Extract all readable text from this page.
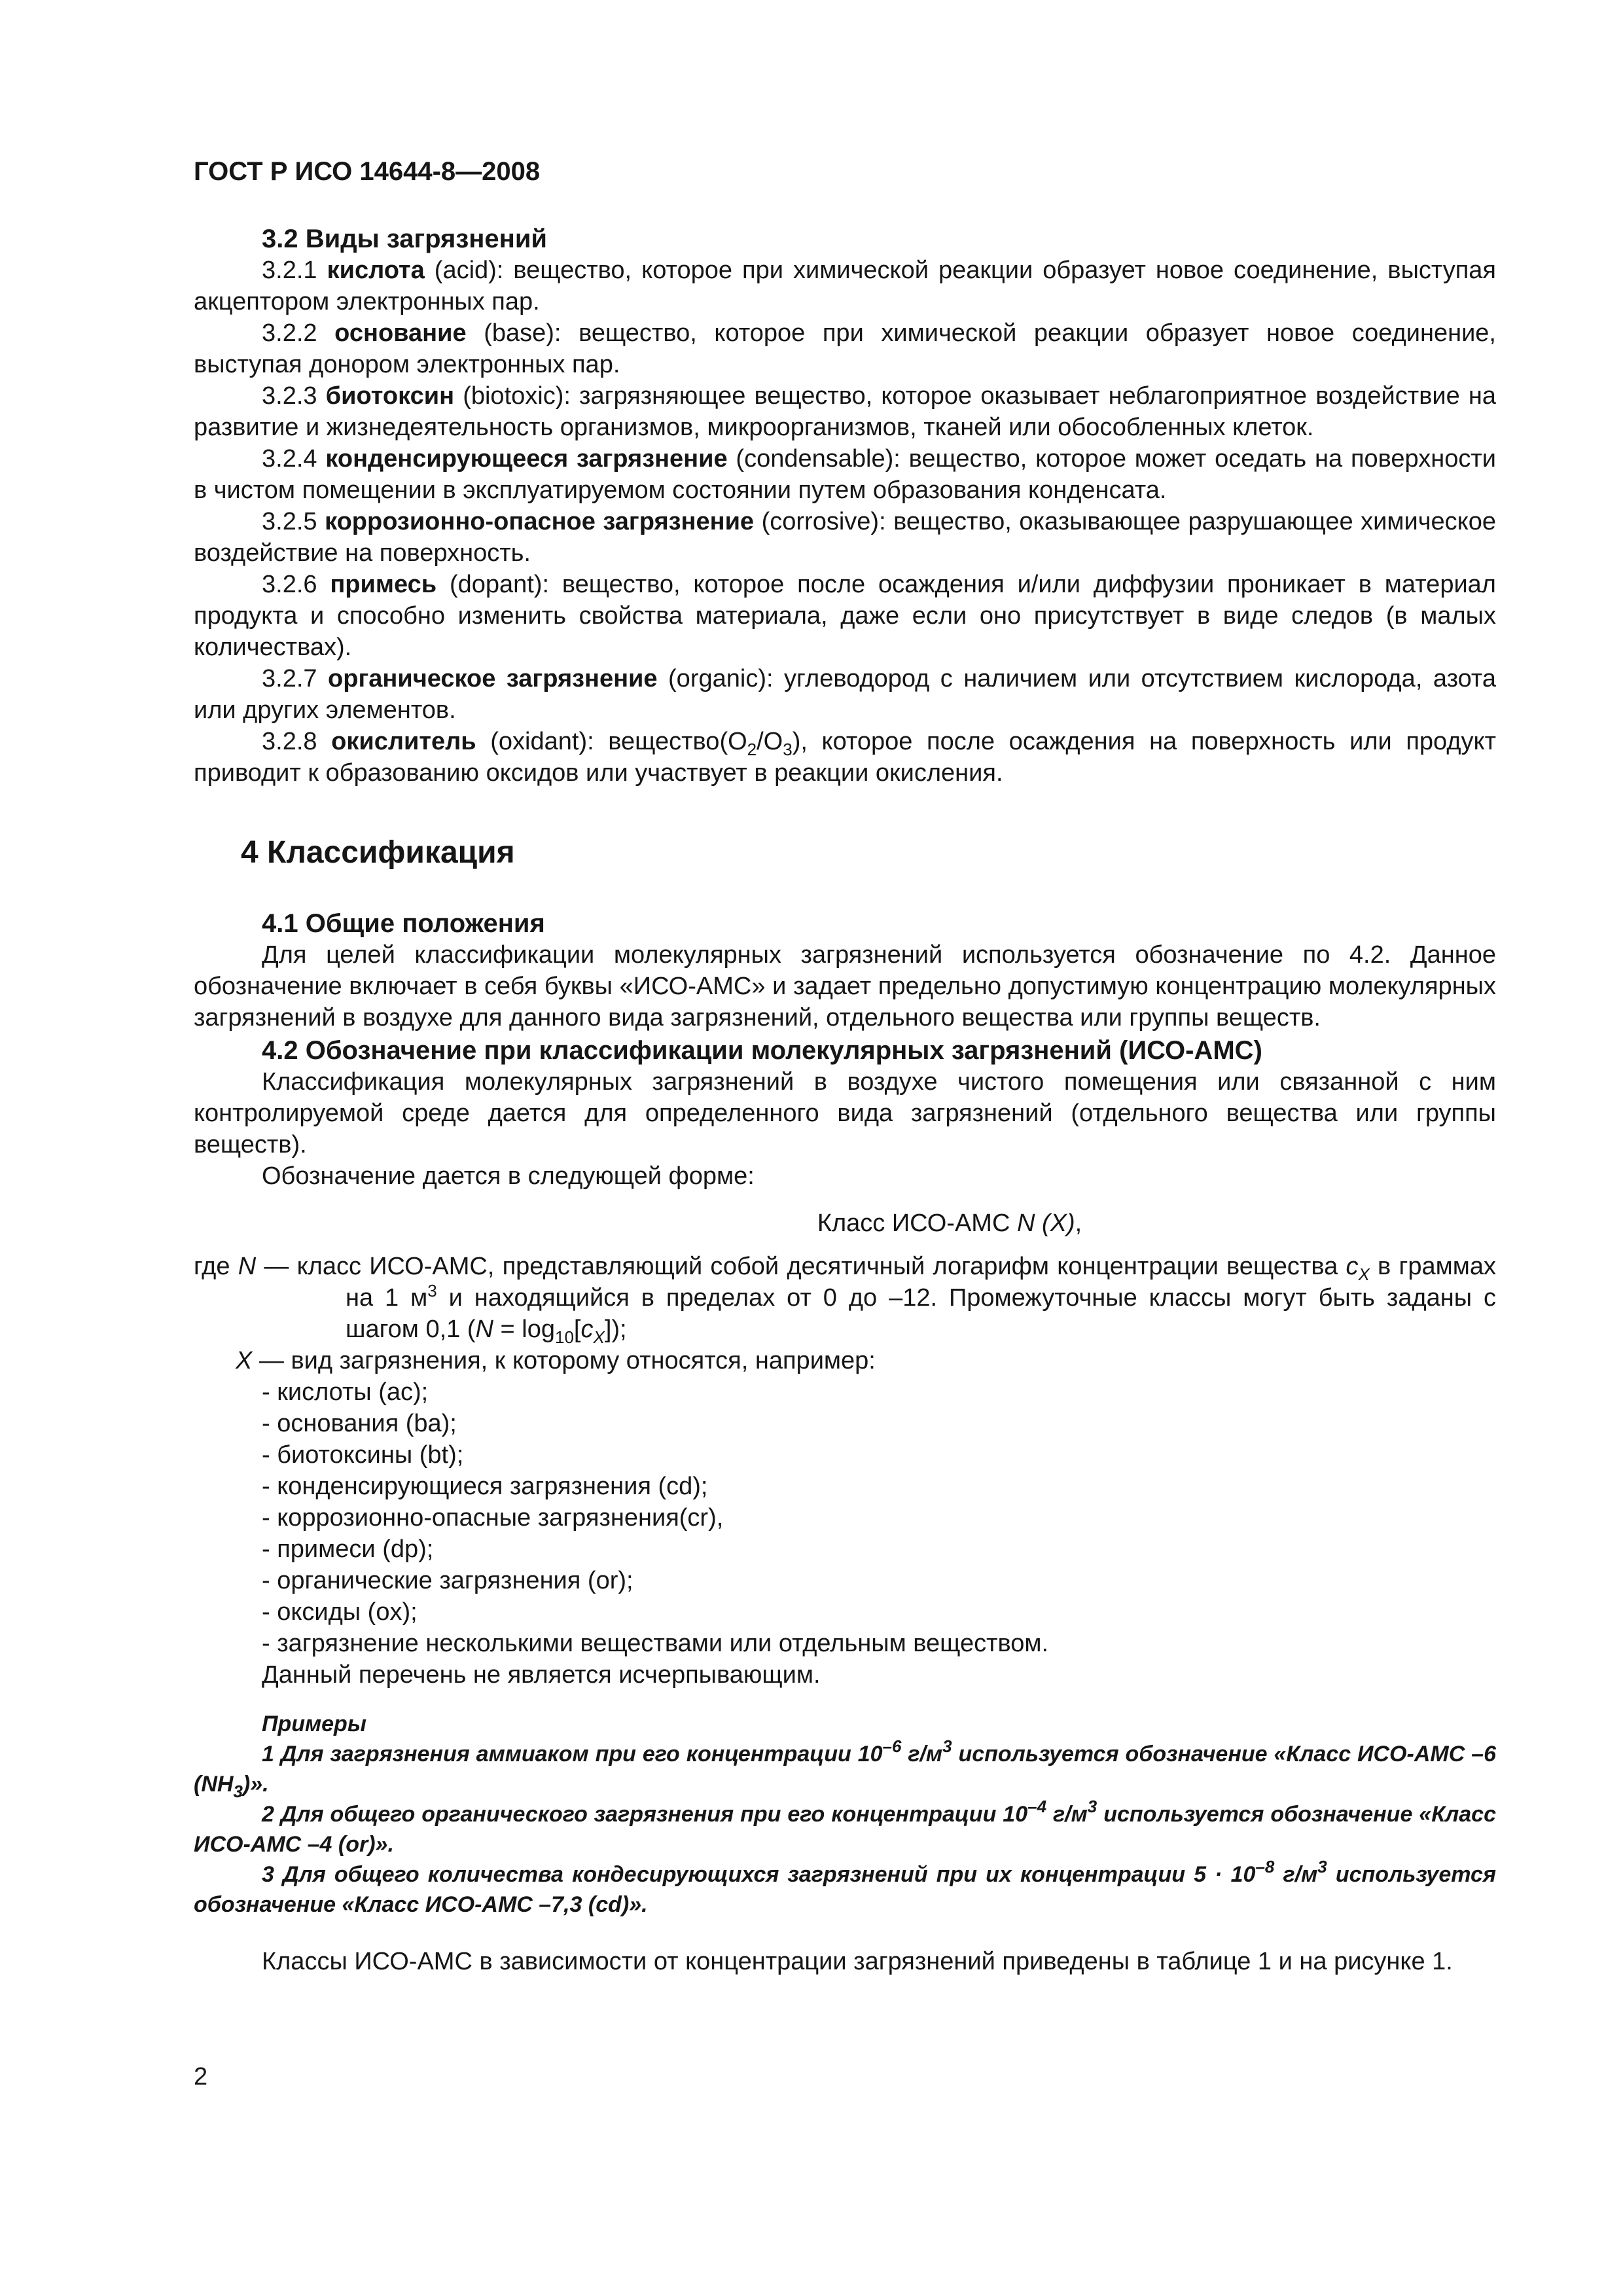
ГОСТ Р ИСО 14644-8—2008

3.2 Виды загрязнений

3.2.1 кислота (acid): вещество, которое при химической реакции образует новое соединение, выступая акцептором электронных пар.

3.2.2 основание (base): вещество, которое при химической реакции образует новое соединение, выступая донором электронных пар.

3.2.3 биотоксин (biotoxic): загрязняющее вещество, которое оказывает неблагоприятное воздействие на развитие и жизнедеятельность организмов, микроорганизмов, тканей или обособленных клеток.

3.2.4 конденсирующееся загрязнение (condensable): вещество, которое может оседать на поверхности в чистом помещении в эксплуатируемом состоянии путем образования конденсата.

3.2.5 коррозионно-опасное загрязнение (corrosive): вещество, оказывающее разрушающее химическое воздействие на поверхность.

3.2.6 примесь (dopant): вещество, которое после осаждения и/или диффузии проникает в материал продукта и способно изменить свойства материала, даже если оно присутствует в виде следов (в малых количествах).

3.2.7 органическое загрязнение (organic): углеводород с наличием или отсутствием кислорода, азота или других элементов.

3.2.8 окислитель (oxidant): $вещество(O_2/O_3)$, которое после осаждения на поверхность или продукт приводит к образованию оксидов или участвует в реакции окисления.

4 Классификация

4.1 Общие положения

Для целей классификации молекулярных загрязнений используется обозначение по 4.2. Данное обозначение включает в себя буквы «ИСО-АМС» и задает предельно допустимую концентрацию молекулярных загрязнений в воздухе для данного вида загрязнений, отдельного вещества или группы веществ.

4.2 Обозначение при классификации молекулярных загрязнений (ИСО-АМС)

Классификация молекулярных загрязнений в воздухе чистого помещения или связанной с ним контролируемой среде дается для определенного вида загрязнений (отдельного вещества или группы веществ).

Обозначение дается в следующей форме:

Класс ИСО-АМС N (X),

где N — класс ИСО-АМС, представляющий собой десятичный логарифм концентрации вещества $c_X$ в граммах на 1 $м^3$ и находящийся в пределах от 0 до –12. Промежуточные классы могут быть заданы с шагом 0,1 $(N = \log_{10}[c_X])$;

X — вид загрязнения, к которому относятся, например:

- кислоты (ac);

- основания (ba);

- биотоксины (bt);

- конденсирующиеся загрязнения (cd);

- коррозионно-опасные загрязнения(cr),

- примеси (dp);

- органические загрязнения (or);

- оксиды (ox);

- загрязнение несколькими веществами или отдельным веществом.

Данный перечень не является исчерпывающим.

Примеры

1 Для загрязнения аммиаком при его концентрации $10^{-6}$ $г/м^3$ используется обозначение «Класс ИСО-АМС –6 $(NH_3)$».

2 Для общего органического загрязнения при его концентрации $10^{-4}$ $г/м^3$ используется обозначение «Класс ИСО-АМС –4 (or)».

3 Для общего количества кондесирующихся загрязнений при их концентрации $5 \cdot 10^{-8}$ $г/м^3$ используется обозначение «Класс ИСО-АМС –7,3 (cd)».

Классы ИСО-АМС в зависимости от концентрации загрязнений приведены в таблице 1 и на рисунке 1.

2
